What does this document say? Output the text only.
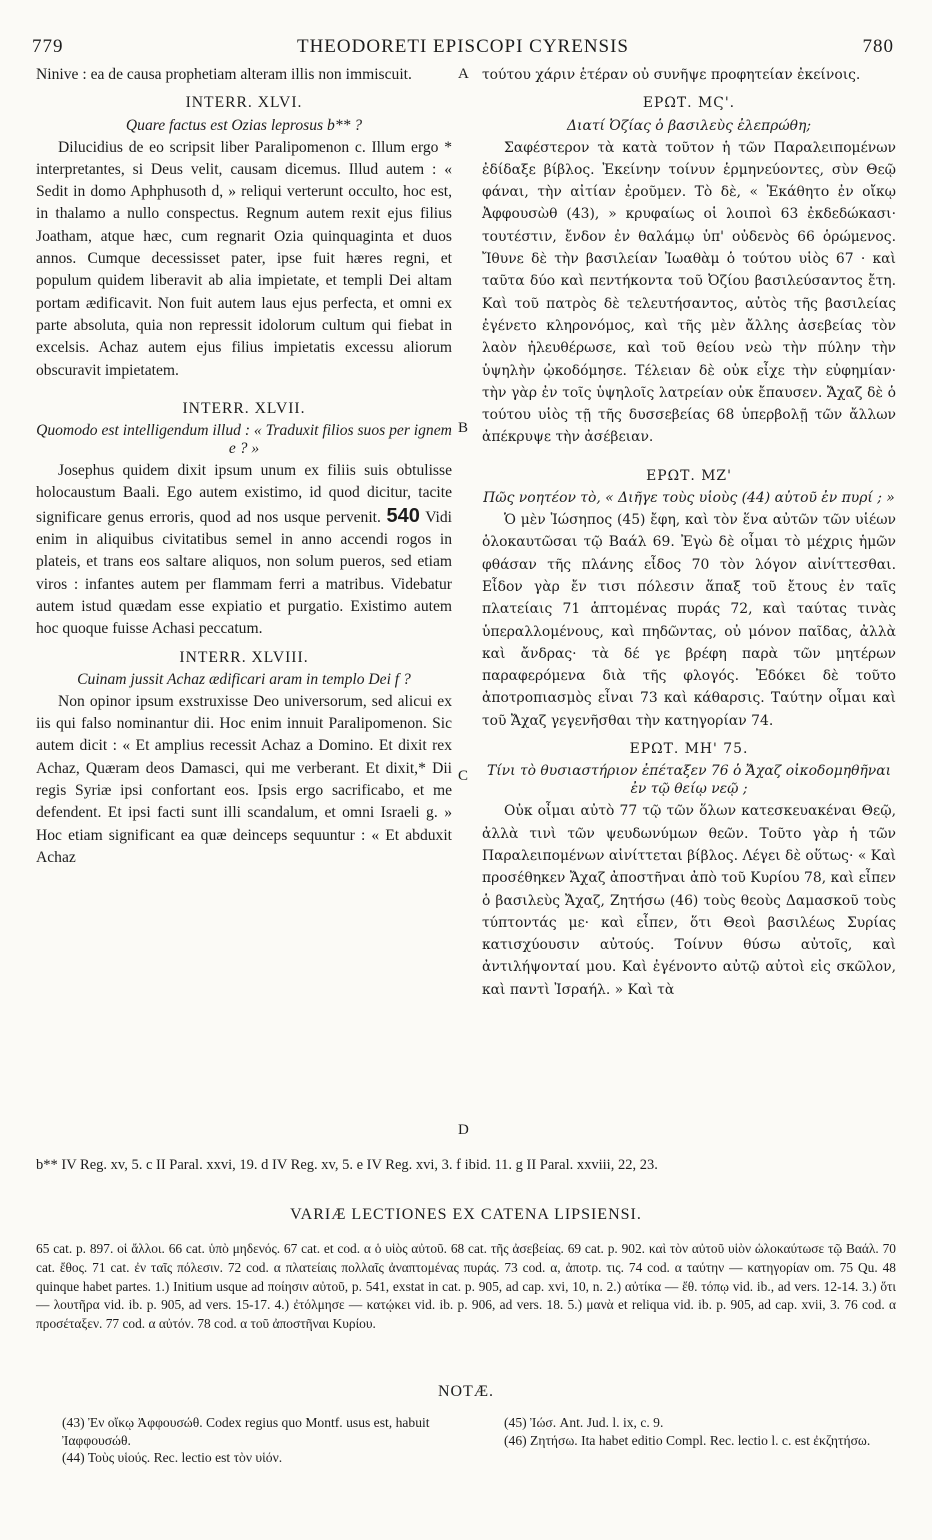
779	THEODORETI EPISCOPI CYRENSIS	780

Ninive : ea de causa prophetiam alteram illis non immiscuit.

INTERR. XLVI.
Quare factus est Ozias leprosus b** ?

Dilucidius de eo scripsit liber Paralipomenon c. Illum ergo * interpretantes, si Deus velit, causam dicemus. Illud autem : « Sedit in domo Aphphusoth d, » reliqui verterunt occulto, hoc est, in thalamo a nullo conspectus. Regnum autem rexit ejus filius Joatham, atque hæc, cum regnarit Ozia quinquaginta et duos annos. Cumque decessisset pater, ipse fuit hæres regni, et populum quidem liberavit ab alia impietate, et templi Dei altam portam ædificavit. Non fuit autem laus ejus perfecta, et omni ex parte absoluta, quia non repressit idolorum cultum qui fiebat in excelsis. Achaz autem ejus filius impietatis excessu aliorum obscuravit impietatem.

INTERR. XLVII.
Quomodo est intelligendum illud : « Traduxit filios suos per ignem e ? »

Josephus quidem dixit ipsum unum ex filiis suis obtulisse holocaustum Baali. Ego autem existimo, id quod dicitur, tacite significare genus erroris, quod ad nos usque pervenit. 540 Vidi enim in aliquibus civitatibus semel in anno accendi rogos in plateis, et trans eos saltare aliquos, non solum pueros, sed etiam viros : infantes autem per flammam ferri a matribus. Videbatur autem istud quædam esse expiatio et purgatio. Existimo autem hoc quoque fuisse Achasi peccatum.

INTERR. XLVIII.
Cuinam jussit Achaz ædificari aram in templo Dei f ?

Non opinor ipsum exstruxisse Deo universorum, sed alicui ex iis qui falso nominantur dii. Hoc enim innuit Paralipomenon. Sic autem dicit : « Et amplius recessit Achaz a Domino. Et dixit rex Achaz, Quæram deos Damasci, qui me verberant. Et dixit,* Dii regis Syriæ ipsi confortant eos. Ipsis ergo sacrificabo, et me defendent. Et ipsi facti sunt illi scandalum, et omni Israeli g. » Hoc etiam significant ea quæ deinceps sequuntur : « Et abduxit Achaz

A
B
C
D

τούτου χάριν ἑτέραν οὐ συνῆψε προφητείαν ἐκείνοις.

ΕΡΩΤ. ΜϚ'.
Διατί Ὀζίας ὁ βασιλεὺς ἐλεπρώθη;

Σαφέστερον τὰ κατὰ τοῦτον ἡ τῶν Παραλειπομένων ἐδίδαξε βίβλος. Ἐκείνην τοίνυν ἑρμηνεύοντες, σὺν Θεῷ φάναι, τὴν αἰτίαν ἐροῦμεν. Τὸ δὲ, « Ἐκάθητο ἐν οἴκῳ Ἀφφουσὼθ (43), » κρυφαίως οἱ λοιποὶ 63 ἐκδεδώκασι· τουτέστιν, ἔνδον ἐν θαλάμῳ ὑπ' οὐδενὸς 66 ὁρώμενος. Ἴθυνε δὲ τὴν βασιλείαν Ἰωαθὰμ ὁ τούτου υἱὸς 67 · καὶ ταῦτα δύο καὶ πεντήκοντα τοῦ Ὀζίου βασιλεύσαντος ἔτη. Καὶ τοῦ πατρὸς δὲ τελευτήσαντος, αὐτὸς τῆς βασιλείας ἐγένετο κληρονόμος, καὶ τῆς μὲν ἄλλης ἀσεβείας τὸν λαὸν ἠλευθέρωσε, καὶ τοῦ θείου νεὼ τὴν πύλην τὴν ὑψηλὴν ᾠκοδόμησε. Τέλειαν δὲ οὐκ εἶχε τὴν εὐφημίαν· τὴν γὰρ ἐν τοῖς ὑψηλοῖς λατρείαν οὐκ ἔπαυσεν. Ἄχαζ δὲ ὁ τούτου υἱὸς τῇ τῆς δυσσεβείας 68 ὑπερβολῇ τῶν ἄλλων ἀπέκρυψε τὴν ἀσέβειαν.

ΕΡΩΤ. ΜΖ'
Πῶς νοητέον τὸ, « Διῆγε τοὺς υἱοὺς (44) αὐτοῦ ἐν πυρί ; »

Ὁ μὲν Ἰώσηπος (45) ἔφη, καὶ τὸν ἕνα αὐτῶν τῶν υἱέων ὁλοκαυτῶσαι τῷ Βαάλ 69. Ἐγὼ δὲ οἶμαι τὸ μέχρις ἡμῶν φθάσαν τῆς πλάνης εἶδος 70 τὸν λόγον αἰνίττεσθαι. Εἶδον γὰρ ἔν τισι πόλεσιν ἅπαξ τοῦ ἔτους ἐν ταῖς πλατείαις 71 ἁπτομένας πυράς 72, καὶ ταύτας τινὰς ὑπεραλλομένους, καὶ πηδῶντας, οὐ μόνον παῖδας, ἀλλὰ καὶ ἄνδρας· τὰ δέ γε βρέφη παρὰ τῶν μητέρων παραφερόμενα διὰ τῆς φλογός. Ἐδόκει δὲ τοῦτο ἀποτροπιασμὸς εἶναι 73 καὶ κάθαρσις. Ταύτην οἶμαι καὶ τοῦ Ἄχαζ γεγενῆσθαι τὴν κατηγορίαν 74.

ΕΡΩΤ. ΜΗ' 75.
Τίνι τὸ θυσιαστήριον ἐπέταξεν 76 ὁ Ἄχαζ οἰκοδομηθῆναι ἐν τῷ θείῳ νεῷ ;

Οὐκ οἶμαι αὐτὸ 77 τῷ τῶν ὅλων κατεσκευακέναι Θεῷ, ἀλλὰ τινὶ τῶν ψευδωνύμων θεῶν. Τοῦτο γὰρ ἡ τῶν Παραλειπομένων αἰνίττεται βίβλος. Λέγει δὲ οὕτως· « Καὶ προσέθηκεν Ἄχαζ ἀποστῆναι ἀπὸ τοῦ Κυρίου 78, καὶ εἶπεν ὁ βασιλεὺς Ἄχαζ, Ζητήσω (46) τοὺς θεοὺς Δαμασκοῦ τοὺς τύπτοντάς με· καὶ εἶπεν, ὅτι Θεοὶ βασιλέως Συρίας κατισχύουσιν αὐτούς. Τοίνυν θύσω αὐτοῖς, καὶ ἀντιλήψονταί μου. Καὶ ἐγένοντο αὐτῷ αὐτοὶ εἰς σκῶλον, καὶ παντὶ Ἰσραήλ. » Καὶ τὰ

b** IV Reg. xv, 5. c II Paral. xxvi, 19. d IV Reg. xv, 5. e IV Reg. xvi, 3. f ibid. 11. g II Paral. xxviii, 22, 23.
VARIÆ LECTIONES EX CATENA LIPSIENSI.
65 cat. p. 897. οἱ ἄλλοι. 66 cat. ὑπὸ μηδενός. 67 cat. et cod. α ὁ υἱὸς αὐτοῦ. 68 cat. τῆς ἀσεβείας. 69 cat. p. 902. καὶ τὸν αὐτοῦ υἱὸν ὡλοκαύτωσε τῷ Βαάλ. 70 cat. ἔθος. 71 cat. ἐν ταῖς πόλεσιν. 72 cod. α πλατείαις πολλαῖς ἀναπτομένας πυράς. 73 cod. α, ἀποτρ. τις. 74 cod. α ταύτην — κατηγορίαν om. 75 Qu. 48 quinque habet partes. 1.) Initium usque ad ποίησιν αὐτοῦ, p. 541, exstat in cat. p. 905, ad cap. xvi, 10, n. 2.) αὐτίκα — ἔθ. τόπῳ vid. ib., ad vers. 12-14. 3.) ὅτι — λουτῆρα vid. ib. p. 905, ad vers. 15-17. 4.) ἐτόλμησε — κατῴκει vid. ib. p. 906, ad vers. 18. 5.) μανὰ et reliqua vid. ib. p. 905, ad cap. xvii, 3. 76 cod. α προσέταξεν. 77 cod. α αὐτόν. 78 cod. α τοῦ ἀποστῆναι Κυρίου.
NOTÆ.
(43) Ἐν οἴκῳ Ἀφφουσώθ. Codex regius quo Montf. usus est, habuit Ἰαφφουσώθ.
(44) Τοὺς υἱούς. Rec. lectio est τὸν υἱόν.
(45) Ἰώσ. Ant. Jud. l. ix, c. 9.
(46) Ζητήσω. Ita habet editio Compl. Rec. lectio l. c. est ἐκζητήσω.
